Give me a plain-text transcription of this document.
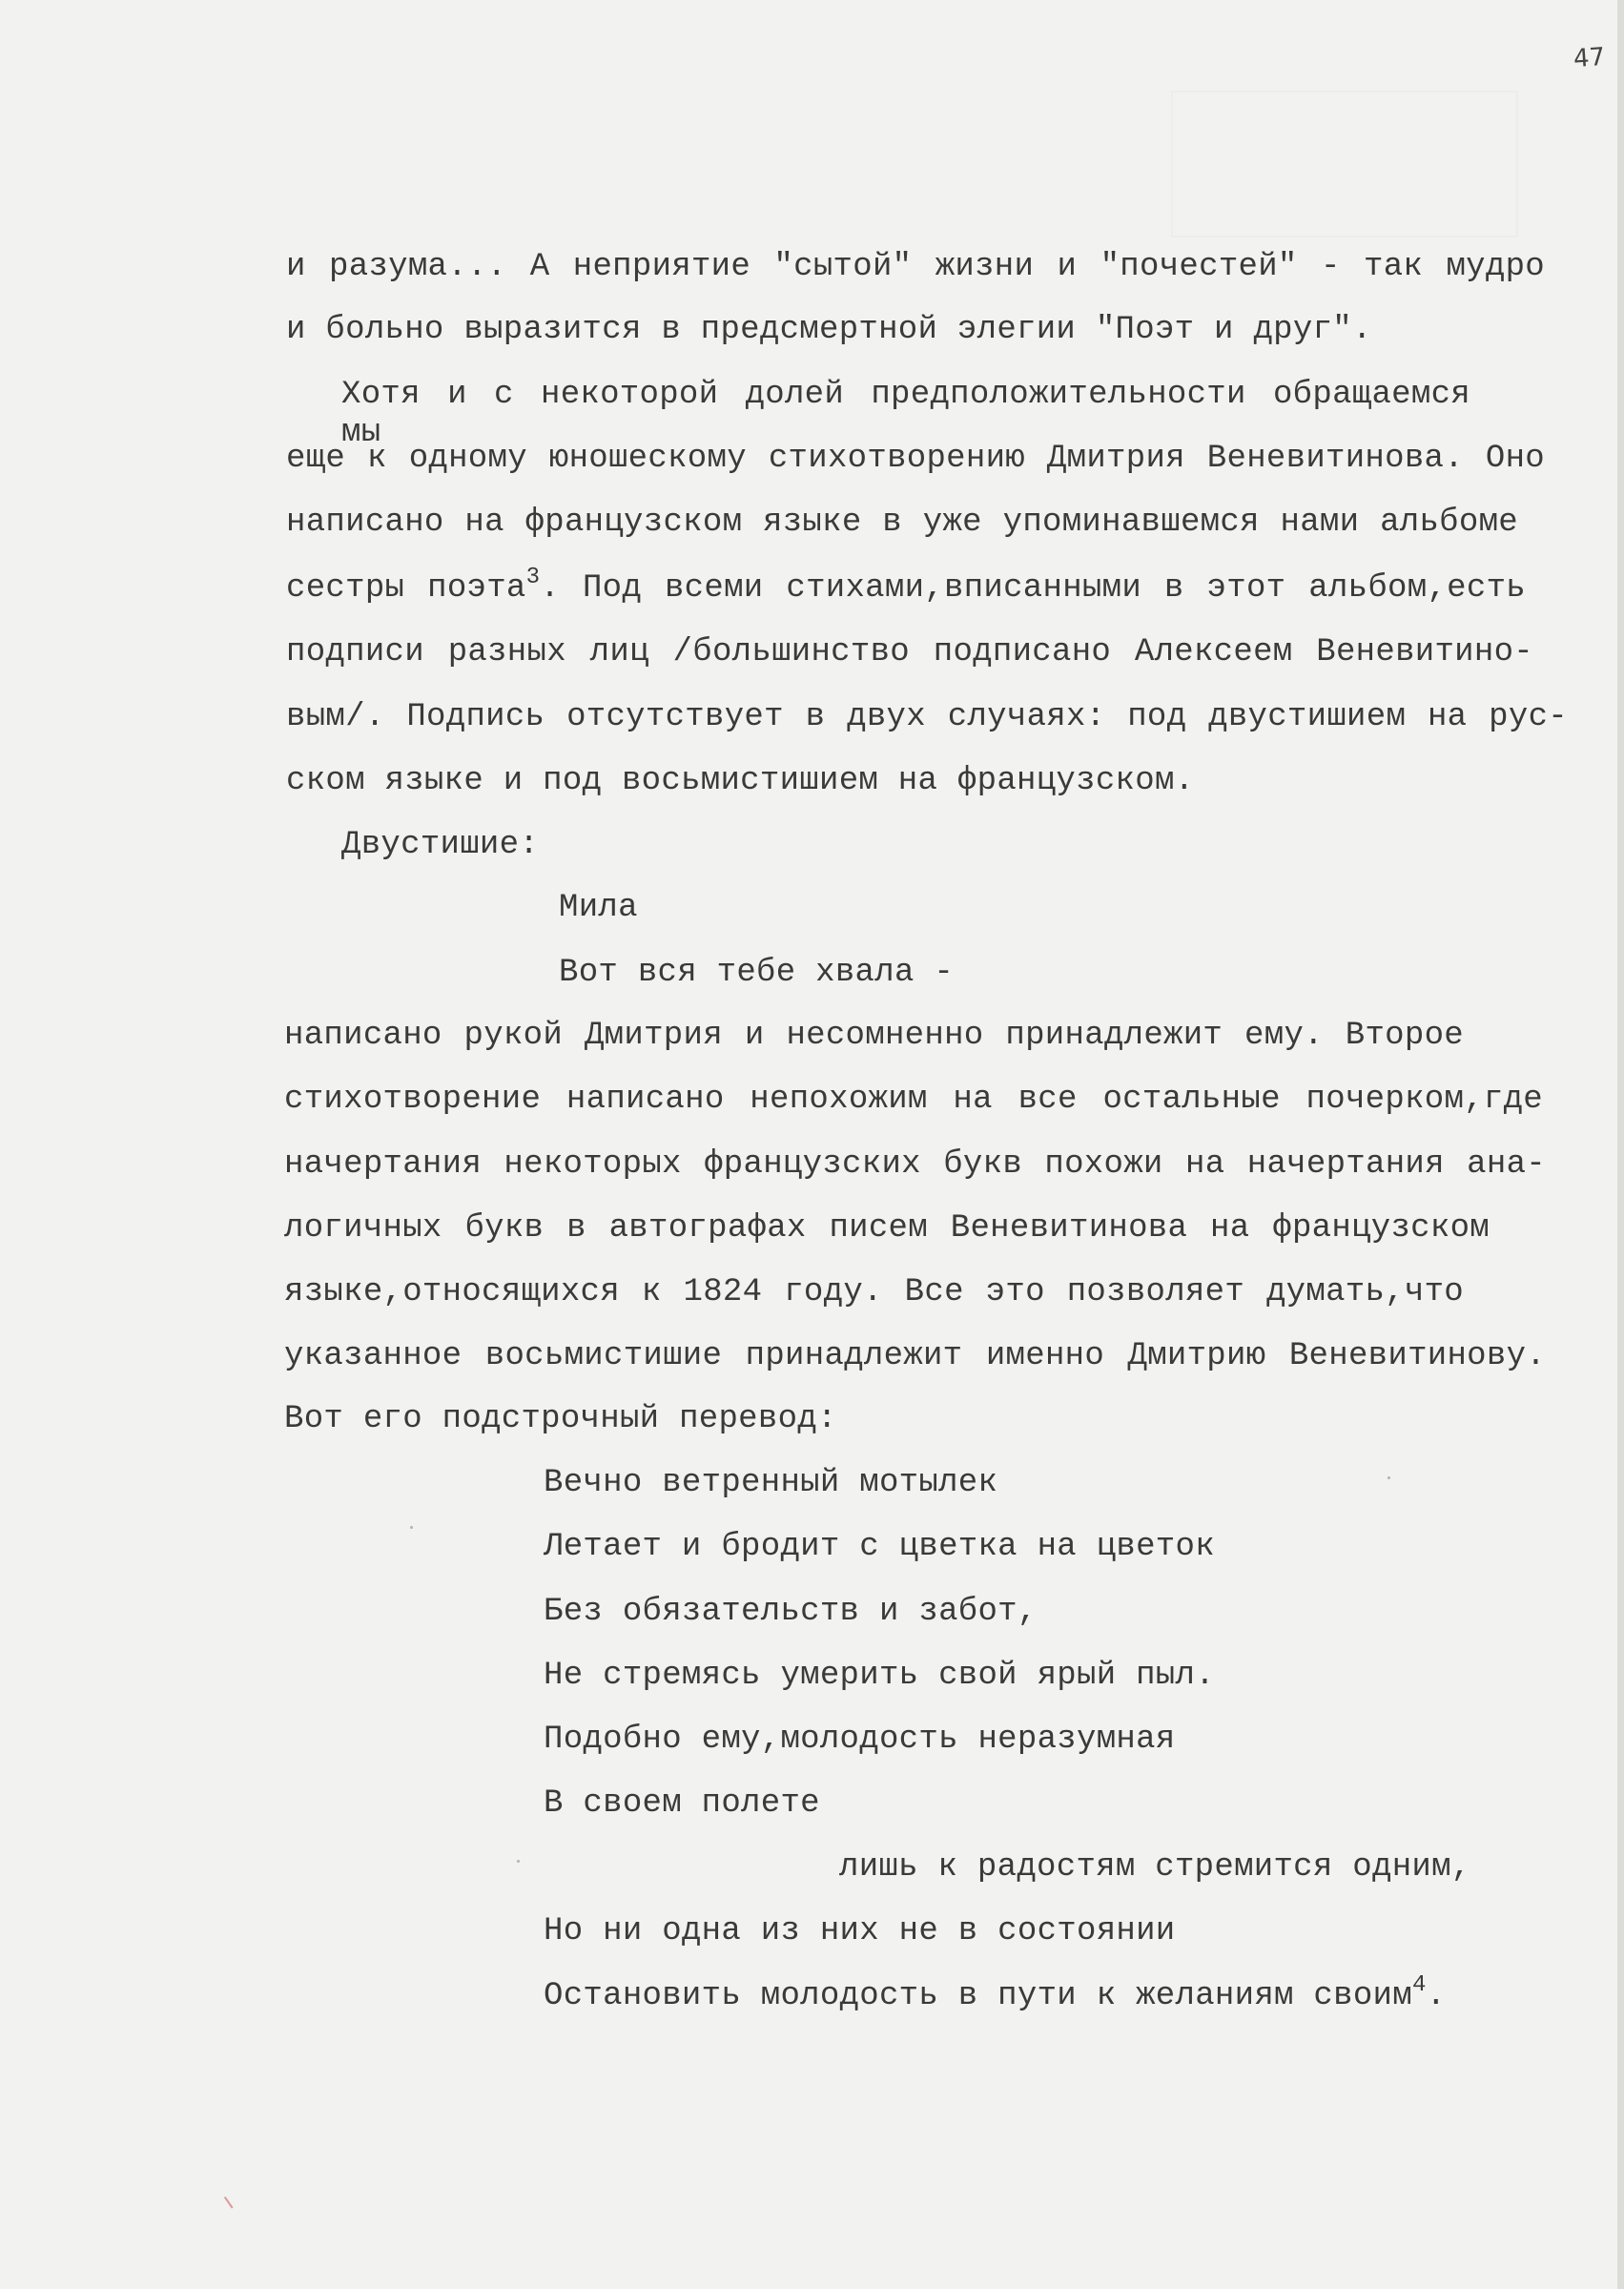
47
и разума... А неприятие "сытой" жизни и "почестей" - так мудро
и больно выразится в предсмертной элегии "Поэт и друг".
Хотя и с некоторой долей предположительности обращаемся мы
еще к одному юношескому стихотворению Дмитрия Веневитинова. Оно
написано на французском языке в уже упоминавшемся нами альбоме
сестры поэта$^3$. Под всеми стихами,вписанными в этот альбом,есть
подписи разных лиц /большинство подписано Алексеем Веневитино-
вым/. Подпись отсутствует в двух случаях: под двустишием на рус-
ском языке и под восьмистишием на французском.
Двустишие:
Мила
Вот вся тебе хвала -
написано рукой Дмитрия и несомненно принадлежит ему. Второе
стихотворение написано непохожим на все остальные почерком,где
начертания некоторых французских букв похожи на начертания ана-
логичных букв в автографах писем Веневитинова на французском
языке,относящихся к 1824 году. Все это позволяет думать,что
указанное восьмистишие принадлежит именно Дмитрию Веневитинову.
Вот его подстрочный перевод:
Вечно ветренный мотылек
Летает и бродит с цветка на цветок
Без обязательств и забот,
Не стремясь умерить свой ярый пыл.
Подобно ему,молодость неразумная
В своем полете
лишь к радостям стремится одним,
Но ни одна из них не в состоянии
Остановить молодость в пути к желаниям своим$^4$.
